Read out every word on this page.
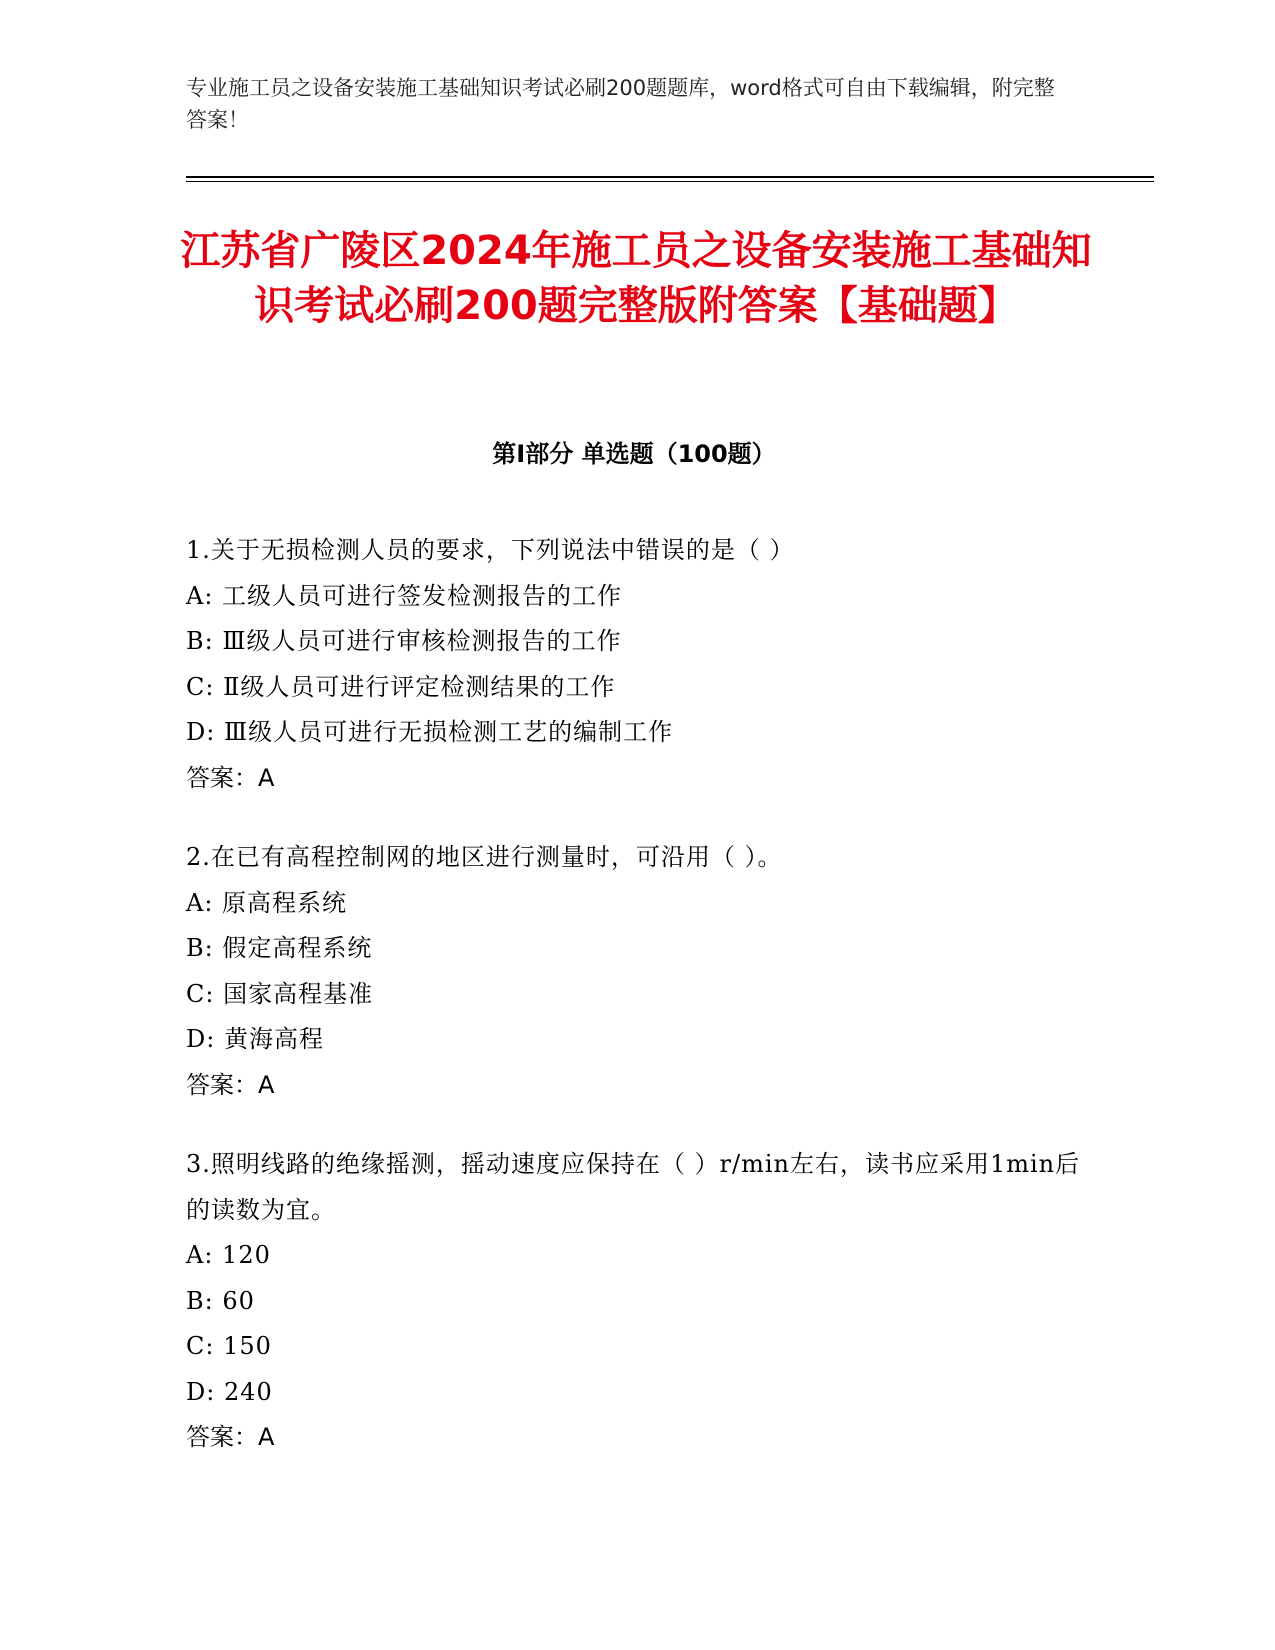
专业施工员之设备安装施工基础知识考试必刷200题题库，word格式可自由下载编辑，附完整答案！
江苏省广陵区2024年施工员之设备安装施工基础知识考试必刷200题完整版附答案【基础题】
第Ⅰ部分 单选题（100题）

1.关于无损检测人员的要求，下列说法中错误的是（ ）

A: 工级人员可进行签发检测报告的工作

B: Ⅲ级人员可进行审核检测报告的工作

C: Ⅱ级人员可进行评定检测结果的工作

D: Ⅲ级人员可进行无损检测工艺的编制工作

答案：A

2.在已有高程控制网的地区进行测量时，可沿用（ ）。

A: 原高程系统

B: 假定高程系统

C: 国家高程基准

D: 黄海高程

答案：A

3.照明线路的绝缘摇测，摇动速度应保持在（ ）r/min左右，读书应采用1min后的读数为宜。

A: 120

B: 60

C: 150

D: 240

答案：A
